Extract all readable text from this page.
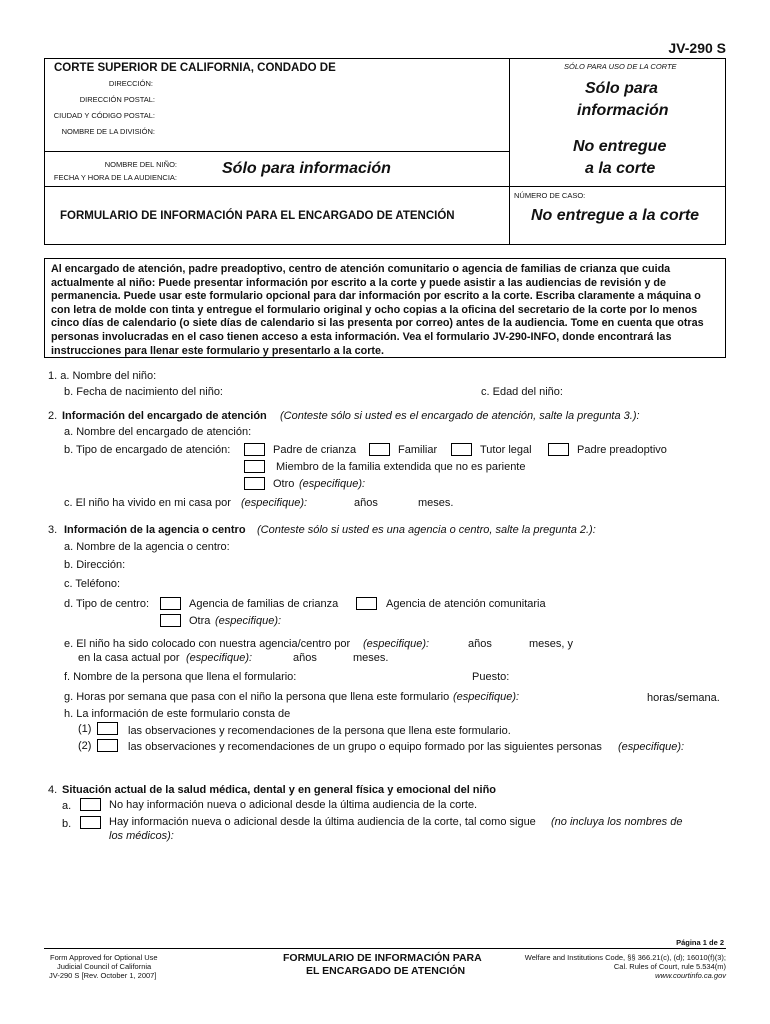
JV-290 S
CORTE SUPERIOR DE CALIFORNIA, CONDADO DE
DIRECCIÓN:
DIRECCIÓN POSTAL:
CIUDAD Y CÓDIGO POSTAL:
NOMBRE DE LA DIVISIÓN:
NOMBRE DEL NIÑO:
FECHA Y HORA DE LA AUDIENCIA:
Sólo para información
SÓLO PARA USO DE LA CORTE
Sólo para
información
No entregue
a la corte
FORMULARIO DE INFORMACIÓN PARA EL ENCARGADO DE ATENCIÓN
NÚMERO DE CASO:
No entregue a la corte
Al encargado de atención, padre preadoptivo, centro de atención comunitario o agencia de familias de crianza que cuida actualmente al niño: Puede presentar información por escrito a la corte y puede asistir a las audiencias de revisión y de permanencia. Puede usar este formulario opcional para dar información por escrito a la corte. Escriba claramente a máquina o con letra de molde con tinta y entregue el formulario original y ocho copias a la oficina del secretario de la corte por lo menos cinco días de calendario (o siete días de calendario si las presenta por correo) antes de la audiencia. Tome en cuenta que otras personas involucradas en el caso tienen acceso a esta información. Vea el formulario JV-290-INFO, donde encontrará las instrucciones para llenar este formulario y presentarlo a la corte.
1. a. Nombre del niño:
b. Fecha de nacimiento del niño:	c. Edad del niño:
2. Información del encargado de atención (Conteste sólo si usted es el encargado de atención, salte la pregunta 3.):
a. Nombre del encargado de atención:
b. Tipo de encargado de atención:	Padre de crianza	Familiar	Tutor legal	Padre preadoptivo
Miembro de la familia extendida que no es pariente
Otro (especifique):
c. El niño ha vivido en mi casa por (especifique):	años	meses.
3. Información de la agencia o centro (Conteste sólo si usted es una agencia o centro, salte la pregunta 2.):
a. Nombre de la agencia o centro:
b. Dirección:
c. Teléfono:
d. Tipo de centro:	Agencia de familias de crianza	Agencia de atención comunitaria
Otra (especifique):
e. El niño ha sido colocado con nuestra agencia/centro por (especifique):	años	meses, y
en la casa actual por (especifique):	años	meses.
f. Nombre de la persona que llena el formulario:	Puesto:
g. Horas por semana que pasa con el niño la persona que llena este formulario (especifique):	horas/semana.
h. La información de este formulario consta de
(1)	las observaciones y recomendaciones de la persona que llena este formulario.
(2)	las observaciones y recomendaciones de un grupo o equipo formado por las siguientes personas (especifique):
4. Situación actual de la salud médica, dental y en general física y emocional del niño
a.	No hay información nueva o adicional desde la última audiencia de la corte.
b.	Hay información nueva o adicional desde la última audiencia de la corte, tal como sigue (no incluya los nombres de
los médicos):
Página 1 de 2
Form Approved for Optional Use
Judicial Council of California
JV-290 S [Rev. October 1, 2007]
FORMULARIO DE INFORMACIÓN PARA
EL ENCARGADO DE ATENCIÓN
Welfare and Institutions Code, §§ 366.21(c), (d); 16010(f)(3);
Cal. Rules of Court, rule 5.534(m)
www.courtinfo.ca.gov
